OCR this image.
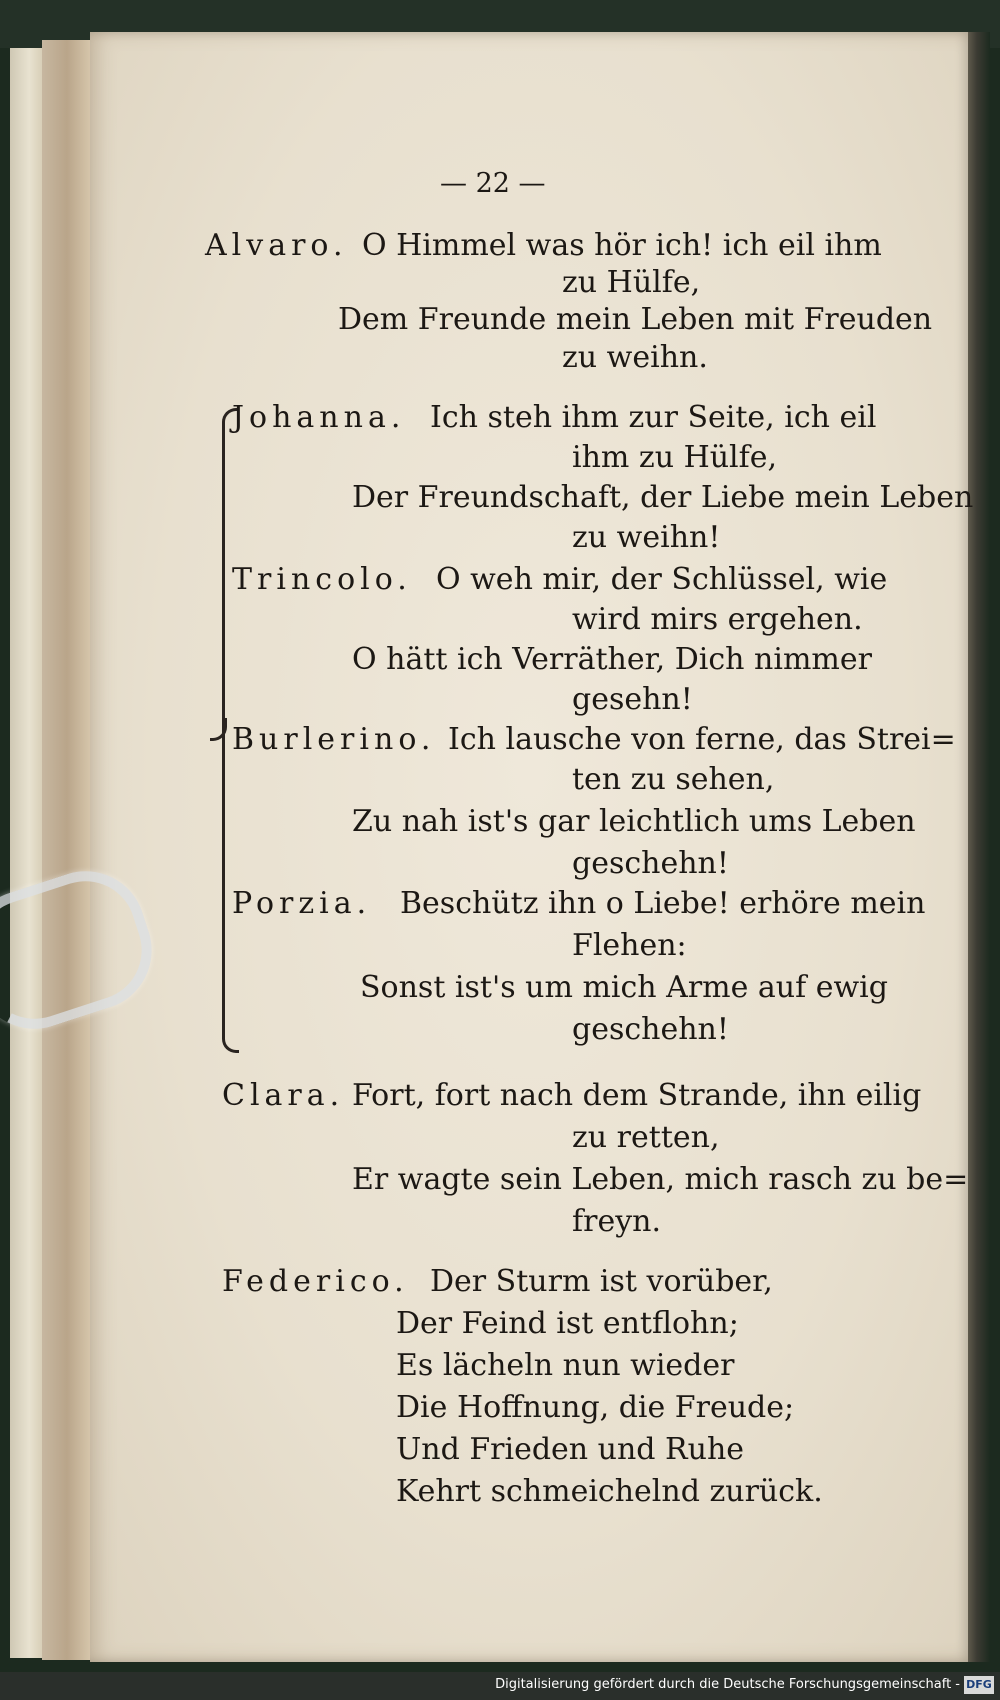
— 22 —
Alvaro. O Himmel was hör ich! ich eil ihm
zu Hülfe,
Dem Freunde mein Leben mit Freuden
zu weihn.
Johanna. Ich steh ihm zur Seite, ich eil
ihm zu Hülfe,
Der Freundschaft, der Liebe mein Leben
zu weihn!
Trincolo. O weh mir, der Schlüssel, wie
wird mirs ergehen.
O hätt ich Verräther, Dich nimmer
gesehn!
Burlerino. Ich lausche von ferne, das Strei=
ten zu sehen,
Zu nah ist's gar leichtlich ums Leben
geschehn!
Porzia. Beschütz ihn o Liebe! erhöre mein
Flehen:
Sonst ist's um mich Arme auf ewig
geschehn!
Clara. Fort, fort nach dem Strande, ihn eilig
zu retten,
Er wagte sein Leben, mich rasch zu be=
freyn.
Federico. Der Sturm ist vorüber,
Der Feind ist entflohn;
Es lächeln nun wieder
Die Hoffnung, die Freude;
Und Frieden und Ruhe
Kehrt schmeichelnd zurück.
Digitalisierung gefördert durch die Deutsche Forschungsgemeinschaft - DFG
